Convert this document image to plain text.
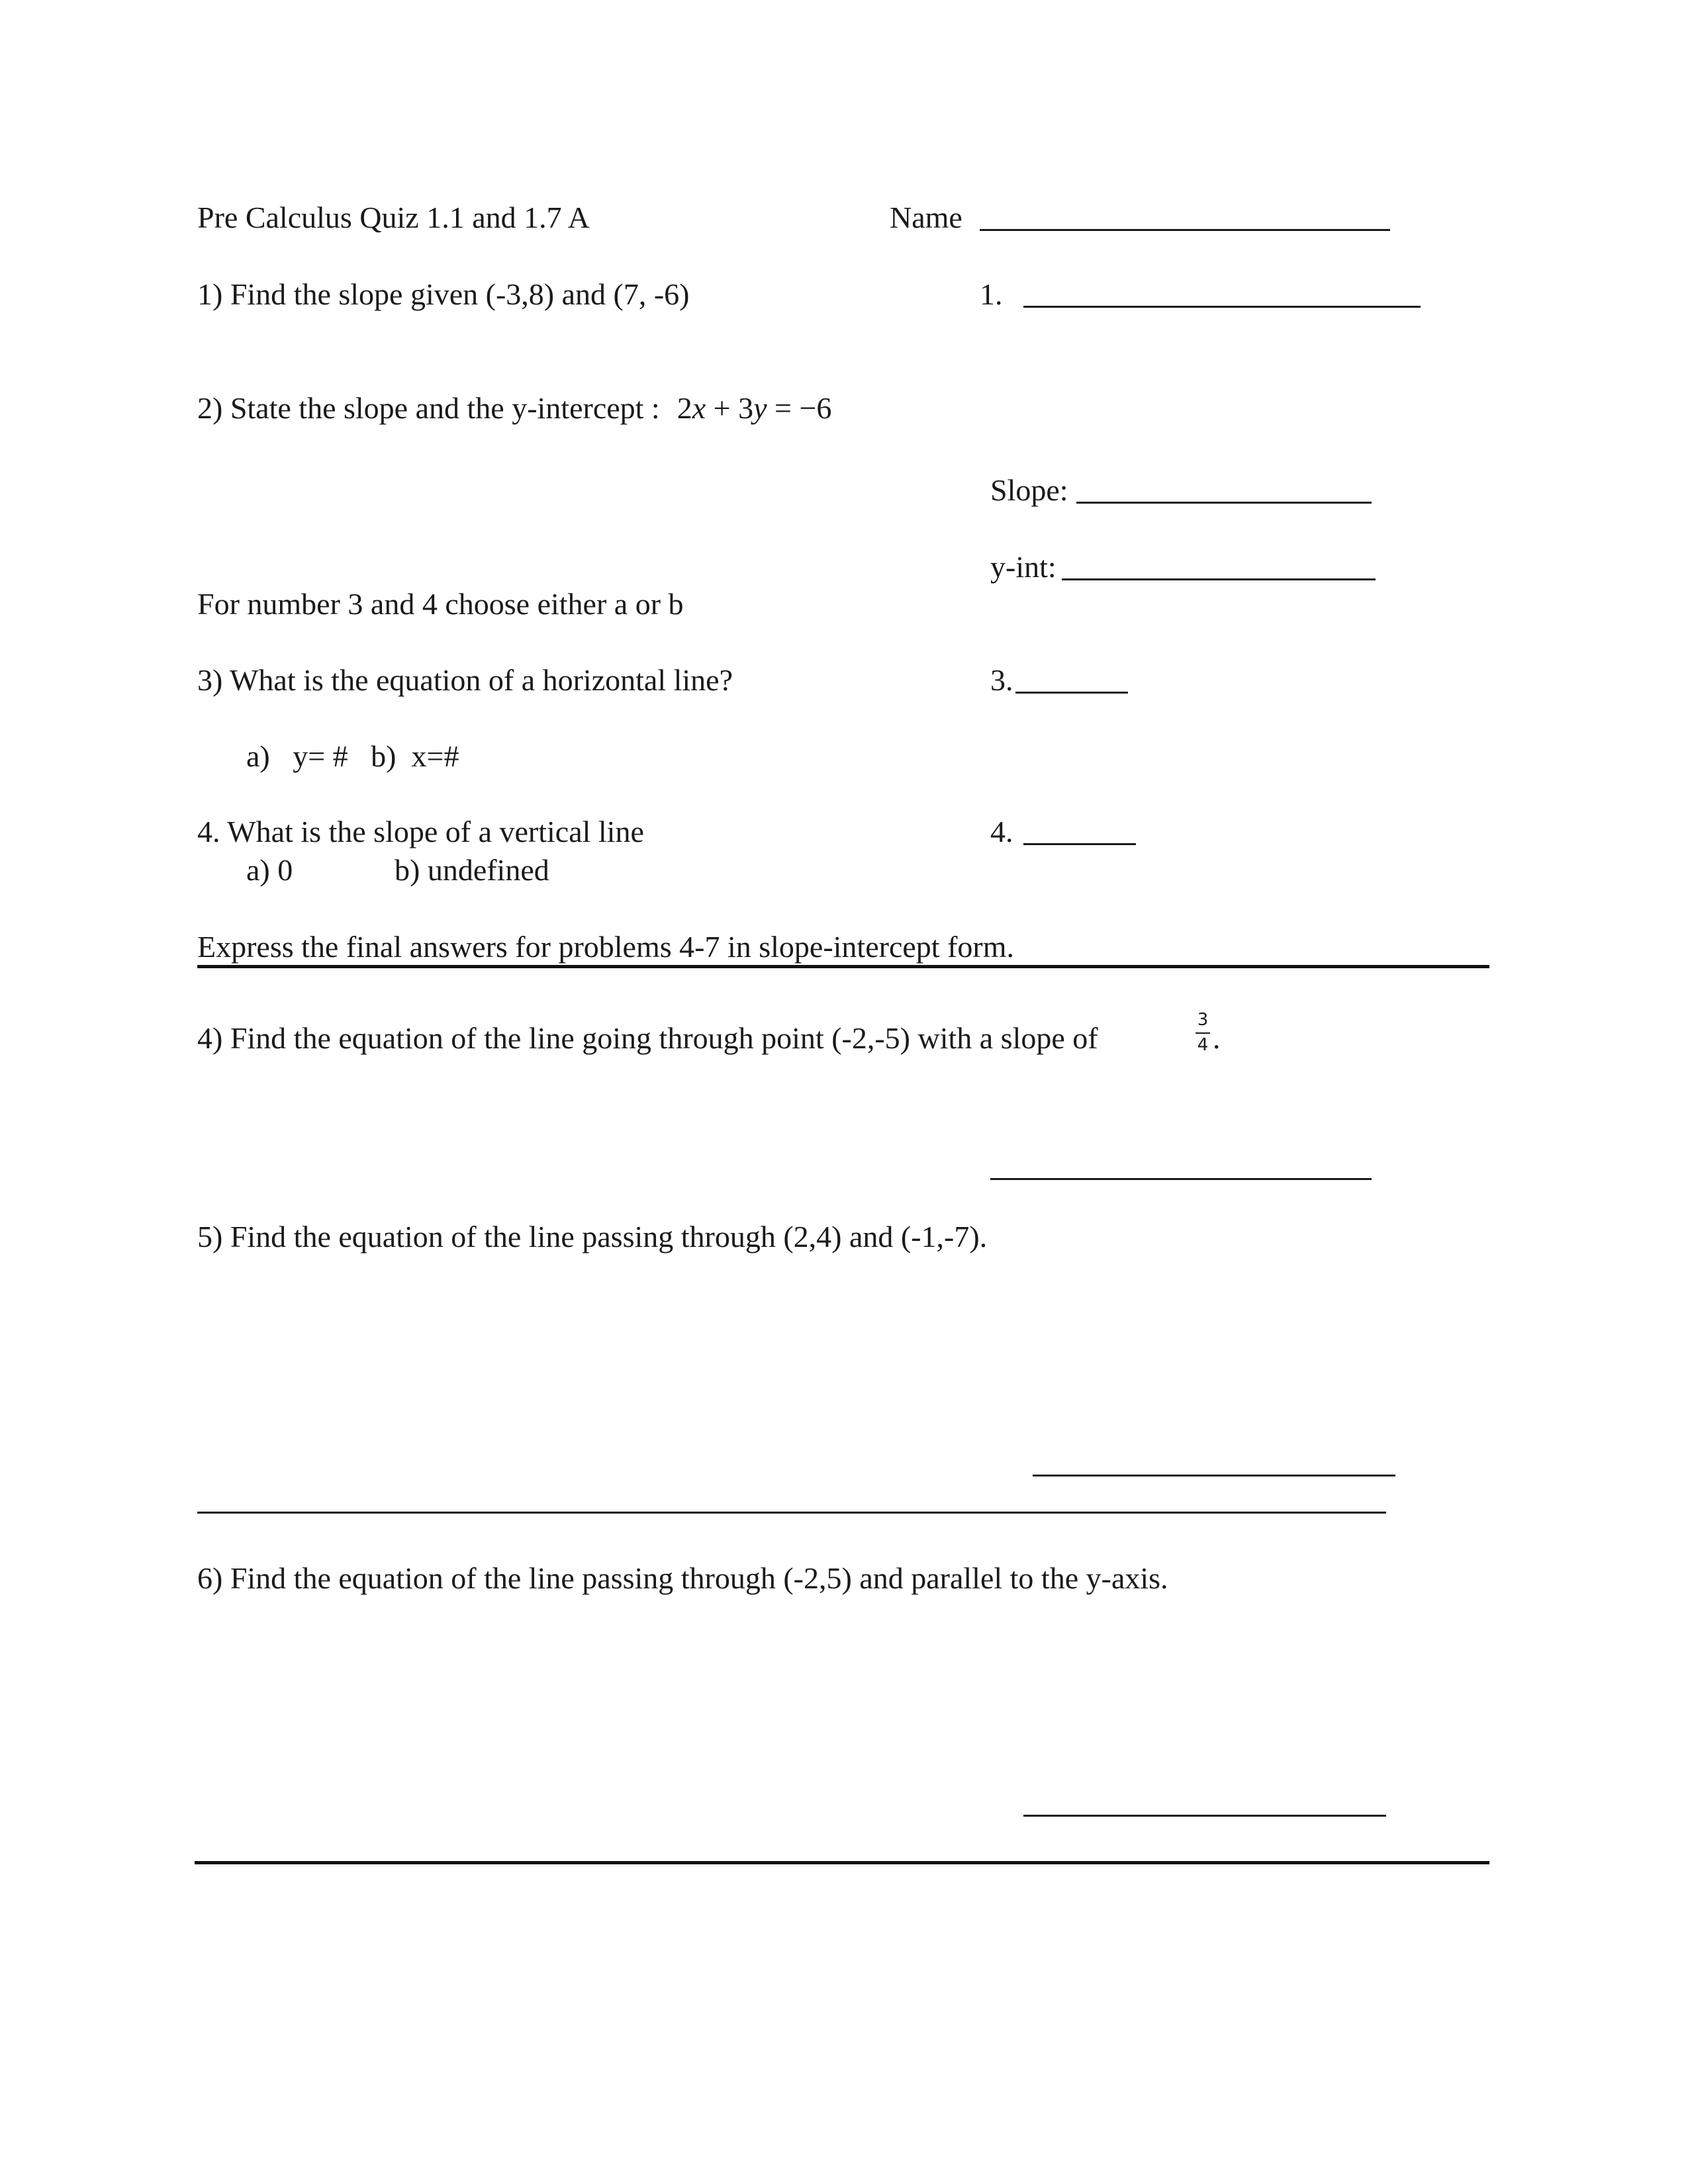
Pre Calculus Quiz 1.1 and 1.7 A	Name
1) Find the slope given (-3,8) and (7, -6)	1.
2) State the slope and the y-intercept : 2x + 3y = −6
Slope:
y-int:
For number 3 and 4 choose either a or b
3) What is the equation of a horizontal line?	3.
a)   y= #   b)  x=#
4. What is the slope of a vertical line	4.
a) 0	b) undefined
Express the final answers for problems 4-7 in slope-intercept form.
4) Find the equation of the line going through point (-2,-5) with a slope of
3
4 .
5) Find the equation of the line passing through (2,4) and (-1,-7).
6) Find the equation of the line passing through (-2,5) and parallel to the y-axis.
